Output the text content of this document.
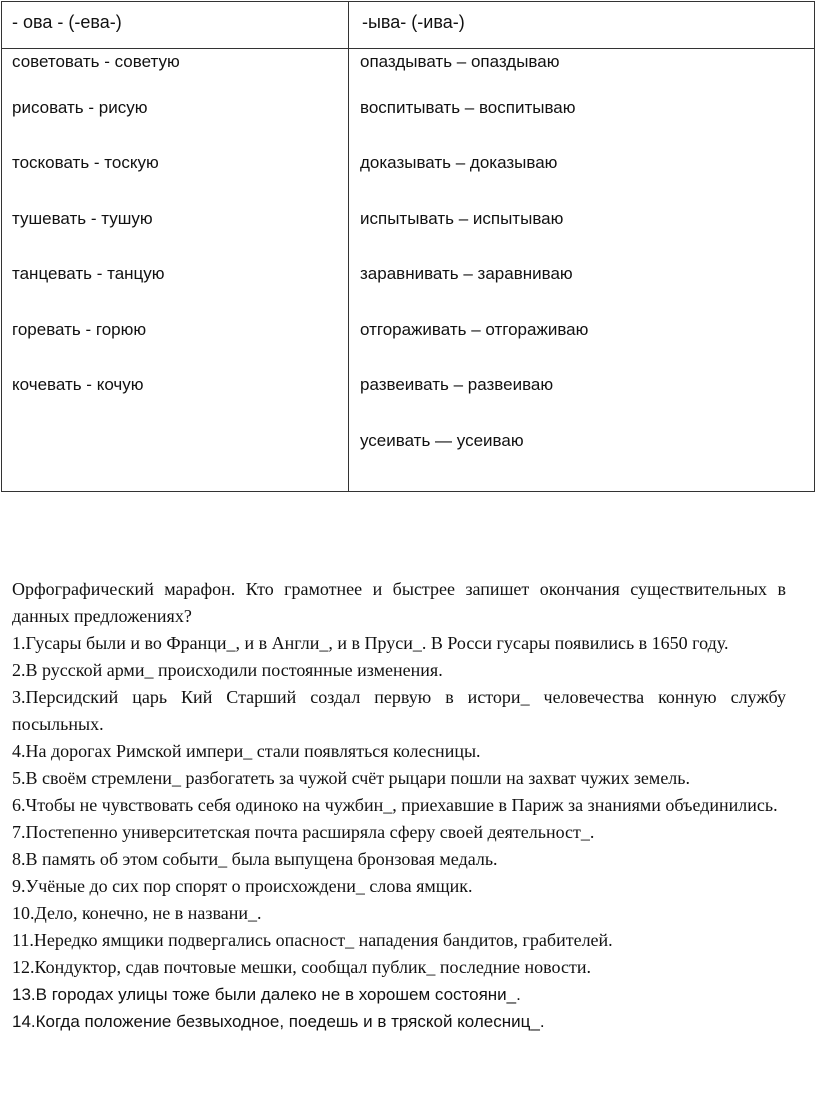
- ова - (-ева-)	-ыва- (-ива-)
советовать - советую
рисовать - рисую
тосковать - тоскую
тушевать - тушую
танцевать - танцую
горевать - горюю
кочевать - кочую
опаздывать – опаздываю
воспитывать – воспитываю
доказывать – доказываю
испытывать – испытываю
заравнивать – заравниваю
отгораживать – отгораживаю
развеивать – развеиваю
усеивать — усеиваю

Орфографический марафон. Кто грамотнее и быстрее запишет окончания существительных в данных предложениях?

1.Гусары были и во Франци_, и в Англи_, и в Пруси_. В Росси гусары появились в 1650 году.

2.В русской арми_ происходили постоянные изменения.

3.Персидский царь Кий Старший создал первую в истори_ человечества конную службу посыльных.

4.На дорогах Римской импери_ стали появляться колесницы.

5.В своём стремлени_ разбогатеть за чужой счёт рыцари пошли на захват чужих земель.

6.Чтобы не чувствовать себя одиноко на чужбин_, приехавшие в Париж за знаниями объединились.

7.Постепенно университетская почта расширяла сферу своей деятельност_.

8.В память об этом событи_ была выпущена бронзовая медаль.

9.Учёные до сих пор спорят о происхождени_ слова ямщик.

10.Дело, конечно, не в названи_.

11.Нередко ямщики подвергались опасност_ нападения бандитов, грабителей.

12.Кондуктор, сдав почтовые мешки, сообщал публик_ последние новости.

13.В городах улицы тоже были далеко не в хорошем состояни_.

14.Когда положение безвыходное, поедешь и в тряской колесниц_.
